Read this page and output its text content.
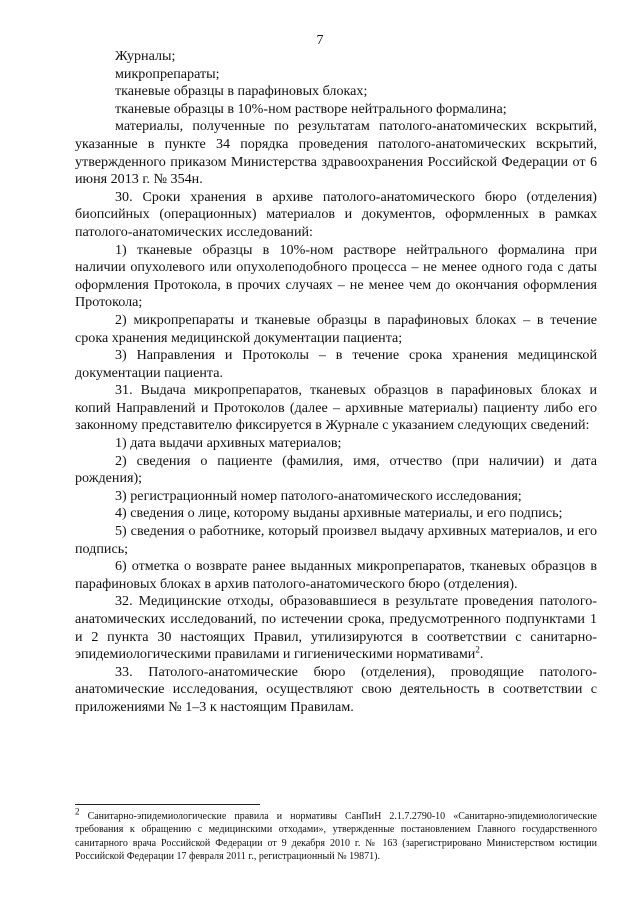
7

Журналы;

микропрепараты;

тканевые образцы в парафиновых блоках;

тканевые образцы в 10%-ном растворе нейтрального формалина;

материалы, полученные по результатам патолого-анатомических вскрытий, указанные в пункте 34 порядка проведения патолого-анатомических вскрытий, утвержденного приказом Министерства здравоохранения Российской Федерации от 6 июня 2013 г. № 354н.

30. Сроки хранения в архиве патолого-анатомического бюро (отделения) биопсийных (операционных) материалов и документов, оформленных в рамках патолого-анатомических исследований:

1) тканевые образцы в 10%-ном растворе нейтрального формалина при наличии опухолевого или опухолеподобного процесса – не менее одного года с даты оформления Протокола, в прочих случаях – не менее чем до окончания оформления Протокола;

2) микропрепараты и тканевые образцы в парафиновых блоках – в течение срока хранения медицинской документации пациента;

3) Направления и Протоколы – в течение срока хранения медицинской документации пациента.

31. Выдача микропрепаратов, тканевых образцов в парафиновых блоках и копий Направлений и Протоколов (далее – архивные материалы) пациенту либо его законному представителю фиксируется в Журнале с указанием следующих сведений:

1) дата выдачи архивных материалов;

2) сведения о пациенте (фамилия, имя, отчество (при наличии) и дата рождения);

3) регистрационный номер патолого-анатомического исследования;

4) сведения о лице, которому выданы архивные материалы, и его подпись;

5) сведения о работнике, который произвел выдачу архивных материалов, и его подпись;

6) отметка о возврате ранее выданных микропрепаратов, тканевых образцов в парафиновых блоках в архив патолого-анатомического бюро (отделения).

32. Медицинские отходы, образовавшиеся в результате проведения патолого-анатомических исследований, по истечении срока, предусмотренного подпунктами 1 и 2 пункта 30 настоящих Правил, утилизируются в соответствии с санитарно-эпидемиологическими правилами и гигиеническими нормативами$^2$.

33. Патолого-анатомические бюро (отделения), проводящие патолого-анатомические исследования, осуществляют свою деятельность в соответствии с приложениями № 1–3 к настоящим Правилам.

$^2$ Санитарно-эпидемиологические правила и нормативы СанПиН 2.1.7.2790-10 «Санитарно-эпидемиологические требования к обращению с медицинскими отходами», утвержденные постановлением Главного государственного санитарного врача Российской Федерации от 9 декабря 2010 г. № 163 (зарегистрировано Министерством юстиции Российской Федерации 17 февраля 2011 г., регистрационный № 19871).
